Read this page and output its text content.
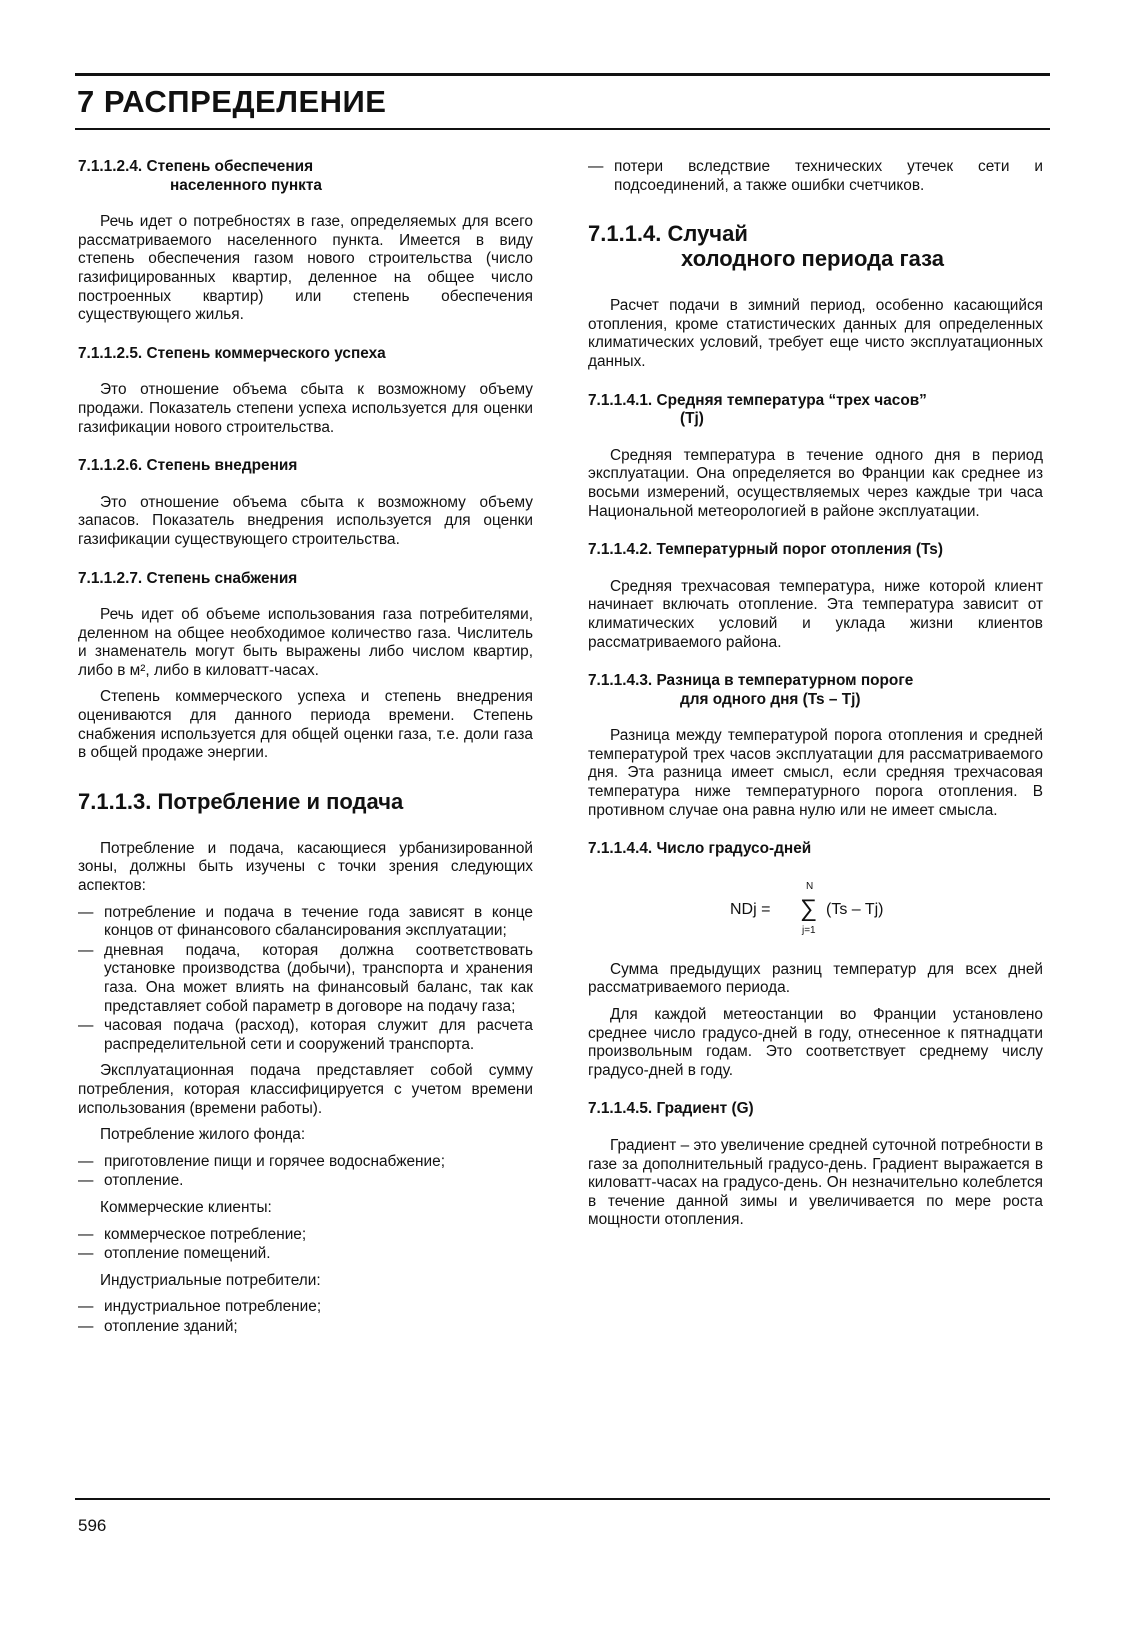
7 РАСПРЕДЕЛЕНИЕ
7.1.1.2.4. Степень обеспечения
населенного пункта

Речь идет о потребностях в газе, определяемых для всего рассматриваемого населенного пункта. Имеется в виду степень обеспечения газом нового строительства (число газифицированных квартир, деленное на общее число построенных квартир) или степень обеспечения существующего жилья.

7.1.1.2.5. Степень коммерческого успеха

Это отношение объема сбыта к возможному объему продажи. Показатель степени успеха используется для оценки газификации нового строительства.

7.1.1.2.6. Степень внедрения

Это отношение объема сбыта к возможному объему запасов. Показатель внедрения используется для оценки газификации существующего строительства.

7.1.1.2.7. Степень снабжения

Речь идет об объеме использования газа потребителями, деленном на общее необходимое количество газа. Числитель и знаменатель могут быть выражены либо числом квартир, либо в м², либо в киловатт-часах.

Степень коммерческого успеха и степень внедрения оцениваются для данного периода времени. Степень снабжения используется для общей оценки газа, т.е. доли газа в общей продаже энергии.

7.1.1.3. Потребление и подача

Потребление и подача, касающиеся урбанизированной зоны, должны быть изучены с точки зрения следующих аспектов:

— потребление и подача в течение года зависят в конце концов от финансового сбалансирования эксплуатации;
— дневная подача, которая должна соответствовать установке производства (добычи), транспорта и хранения газа. Она может влиять на финансовый баланс, так как представляет собой параметр в договоре на подачу газа;
— часовая подача (расход), которая служит для расчета распределительной сети и сооружений транспорта.

Эксплуатационная подача представляет собой сумму потребления, которая классифицируется с учетом времени использования (времени работы).

Потребление жилого фонда:

— приготовление пищи и горячее водоснабжение;
— отопление.

Коммерческие клиенты:

— коммерческое потребление;
— отопление помещений.

Индустриальные потребители:

— индустриальное потребление;
— отопление зданий;
— потери вследствие технических утечек сети и подсоединений, а также ошибки счетчиков.
7.1.1.4. Случай
холодного периода газа

Расчет подачи в зимний период, особенно касающийся отопления, кроме статистических данных для определенных климатических условий, требует еще чисто эксплуатационных данных.

7.1.1.4.1. Средняя температура “трех часов”
(Tj)

Средняя температура в течение одного дня в период эксплуатации. Она определяется во Франции как среднее из восьми измерений, осуществляемых через каждые три часа Национальной метеорологией в районе эксплуатации.

7.1.1.4.2. Температурный порог отопления (Ts)

Средняя трехчасовая температура, ниже которой клиент начинает включать отопление. Эта температура зависит от климатических условий и уклада жизни клиентов рассматриваемого района.

7.1.1.4.3. Разница в температурном пороге
для одного дня (Ts – Tj)

Разница между температурой порога отопления и средней температурой трех часов эксплуатации для рассматриваемого дня. Эта разница имеет смысл, если средняя трехчасовая температура ниже температурного порога отопления. В противном случае она равна нулю или не имеет смысла.

7.1.1.4.4. Число градусо-дней
NDj =
N
∑
j=1
(Ts – Tj)

Сумма предыдущих разниц температур для всех дней рассматриваемого периода.

Для каждой метеостанции во Франции установлено среднее число градусо-дней в году, отнесенное к пятнадцати произвольным годам. Это соответствует среднему числу градусо-дней в году.

7.1.1.4.5. Градиент (G)

Градиент – это увеличение средней суточной потребности в газе за дополнительный градусо-день. Градиент выражается в киловатт-часах на градусо-день. Он незначительно колеблется в течение данной зимы и увеличивается по мере роста мощности отопления.

596
